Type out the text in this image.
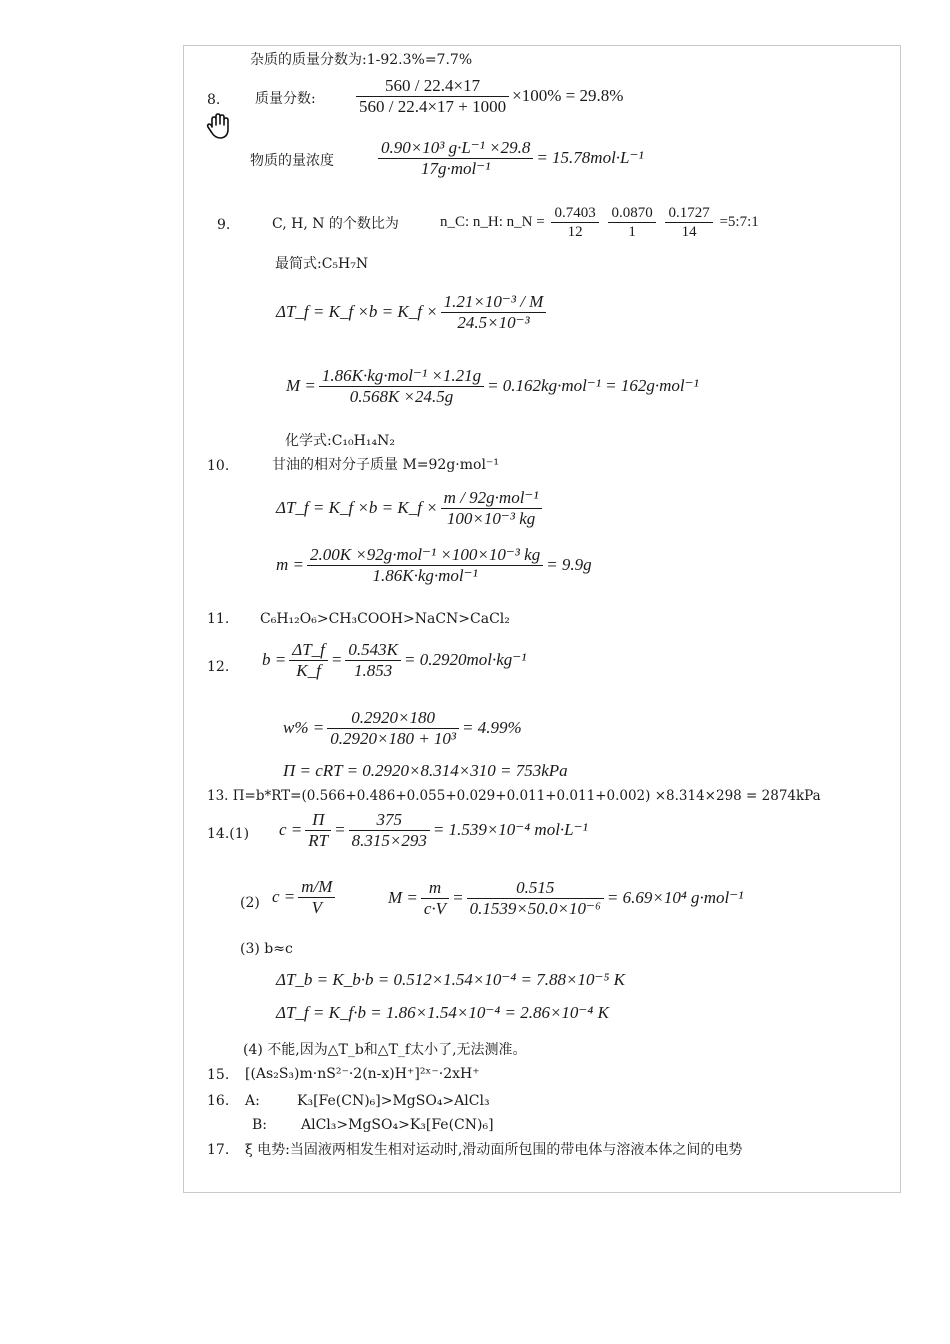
杂质的质量分数为:1-92.3%=7.7%
8. 质量分数: $\frac{560 / 22.4\times 17}{560 / 22.4\times 17 + 1000} \times 100\% = 29.8\%$
物质的量浓度	$\frac{\text{0.90×10³ g·L⁻¹ ×29.8}}{\text{17g·mol⁻¹}} = 15.78mol\cdot L^{-1}$
9.	C, H, N 的个数比为	n_C: n_H: n_N = $\frac{0.7403}{12}$
$\frac{0.0870}{1}$
$\frac{0.1727}{14}$ =5:7:1
最简式:C₅H₇N
ΔT_f = K_f ×b = K_f × $\frac{\text{1.21×10⁻³ / M}}{\text{24.5×10⁻³}}$
$M = \frac{\text{1.86K·kg·mol⁻¹ ×1.21g}}{0.568K \times 24.5g} = 0.162kg\cdot mol^{-1} = 162g\cdot mol^{-1}$
化学式:C₁₀H₁₄N₂
10.	甘油的相对分子质量 M=92g·mol⁻¹
ΔT_f = K_f ×b = K_f × $\frac{\text{m / 92g·mol⁻¹}}{\text{100×10⁻³ kg}}$
$m = \frac{\text{2.00K ×92g·mol⁻¹ ×100×10⁻³ kg}}{\text{1.86K·kg·mol⁻¹}} = 9.9g$
11. C₆H₁₂O₆>CH₃COOH>NaCN>CaCl₂
12. $b = \frac{\Delta T\_f}{K\_f} = \frac{0.543K}{1.853} = 0.2920mol\cdot kg^{-1}$
$w\% = \frac{0.2920\times 180}{\text{0.2920×180 + 10³}} = 4.99\%$
Π = cRT = 0.2920×8.314×310 = 753kPa
13. Π=b*RT=(0.566+0.486+0.055+0.029+0.011+0.011+0.002) ×8.314×298 = 2874kPa
14.(1) $c = \frac{\Pi}{RT} = \frac{375}{8.315\times 293} = 1.539\times 10^{-4}$ mol·L⁻¹
(2) $c = \frac{m/M}{V}$	$M = \frac{m}{c\cdot V} = \frac{0.515}{\text{0.1539×50.0×10⁻⁶}} = 6.69\times 10^4$ g·mol⁻¹
(3) b≈c
ΔT_b = K_b·b = 0.512×1.54×10⁻⁴ = 7.88×10⁻⁵ K
ΔT_f = K_f·b = 1.86×1.54×10⁻⁴ = 2.86×10⁻⁴ K
(4) 不能,因为△T_b和△T_f太小了,无法测准。
15. [(As₂S₃)m·nS²⁻·2(n-x)H⁺]²ˣ⁻·2xH⁺
16. A:	K₃[Fe(CN)₆]>MgSO₄>AlCl₃
B: AlCl₃>MgSO₄>K₃[Fe(CN)₆]
17. ξ 电势:当固液两相发生相对运动时,滑动面所包围的带电体与溶液本体之间的电势
